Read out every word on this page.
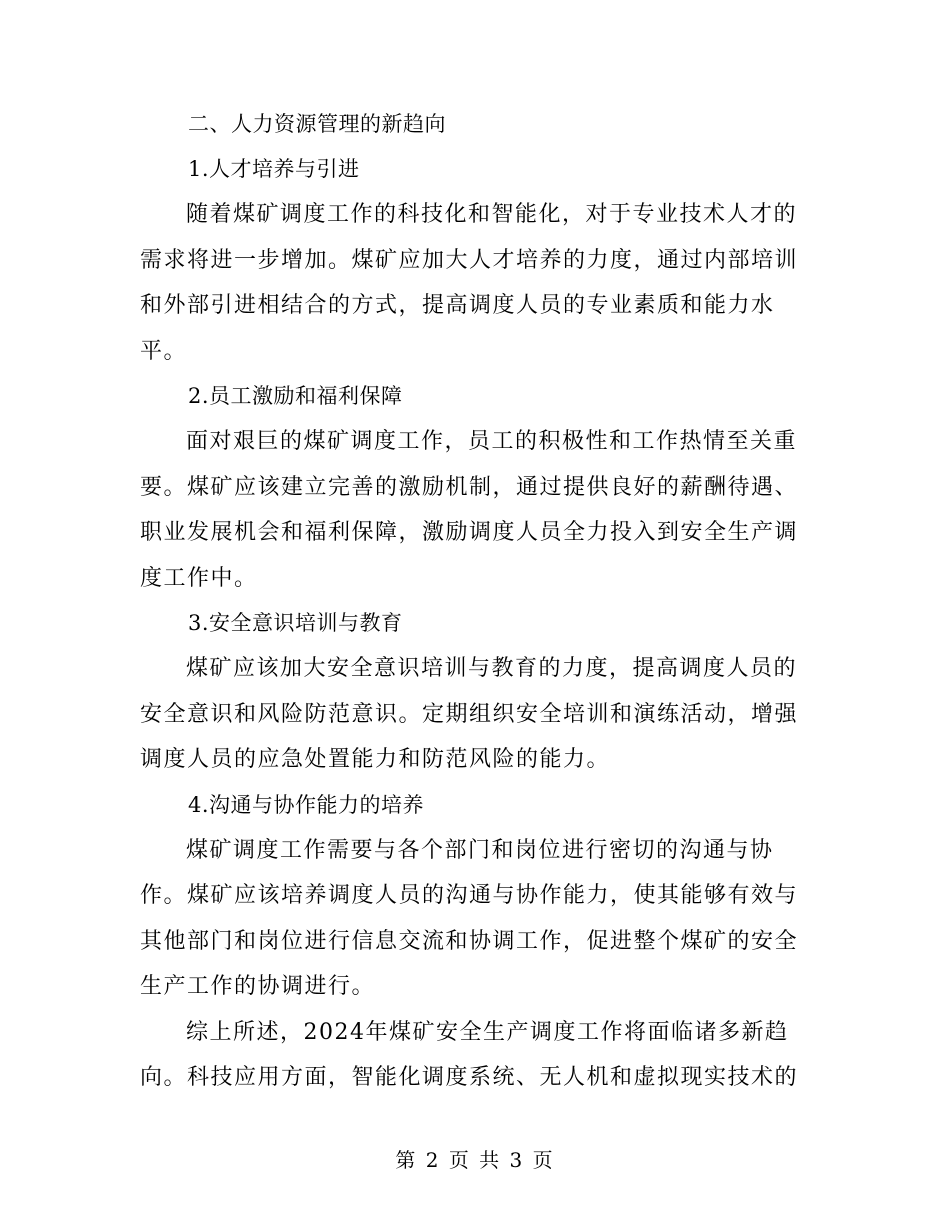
二、人力资源管理的新趋向

1.人才培养与引进

随着煤矿调度工作的科技化和智能化，对于专业技术人才的需求将进一步增加。煤矿应加大人才培养的力度，通过内部培训和外部引进相结合的方式，提高调度人员的专业素质和能力水平。

2.员工激励和福利保障

面对艰巨的煤矿调度工作，员工的积极性和工作热情至关重要。煤矿应该建立完善的激励机制，通过提供良好的薪酬待遇、职业发展机会和福利保障，激励调度人员全力投入到安全生产调度工作中。

3.安全意识培训与教育

煤矿应该加大安全意识培训与教育的力度，提高调度人员的安全意识和风险防范意识。定期组织安全培训和演练活动，增强调度人员的应急处置能力和防范风险的能力。

4.沟通与协作能力的培养

煤矿调度工作需要与各个部门和岗位进行密切的沟通与协作。煤矿应该培养调度人员的沟通与协作能力，使其能够有效与其他部门和岗位进行信息交流和协调工作，促进整个煤矿的安全生产工作的协调进行。

综上所述，2024年煤矿安全生产调度工作将面临诸多新趋向。科技应用方面，智能化调度系统、无人机和虚拟现实技术的

第 2 页 共 3 页
